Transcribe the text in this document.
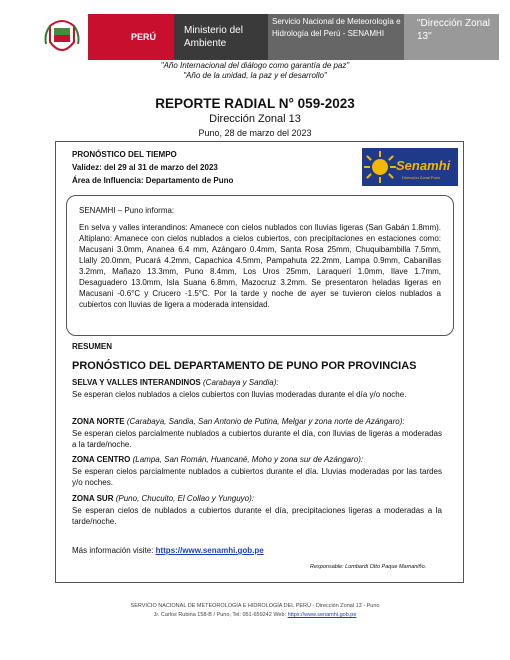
PERÚ
Ministerio del Ambiente
Servicio Nacional de Meteorología e Hidrología del Perú - SENAMHI
"Dirección Zonal 13"
"Año Internacional del diálogo como garantía de paz"
"Año de la unidad, la paz y el desarrollo"
REPORTE RADIAL N° 059-2023
Dirección Zonal 13
Puno, 28 de marzo del 2023
PRONÓSTICO DEL TIEMPO
Validez: del 29 al 31 de marzo del 2023
Área de Influencia: Departamento de Puno
Senamhi
Dirección Zonal Puno
SENAMHI – Puno informa:
En selva y valles interandinos: Amanece con cielos nublados con lluvias ligeras (San Gabán 1.8mm). Altiplano: Amanece con cielos nublados a cielos cubiertos, con precipitaciones en estaciones como: Macusani 3.0mm, Ananea 6.4 mm, Azángaro 0.4mm, Santa Rosa 25mm, Chuquibambilla 7.5mm, Llally 20.0mm, Pucará 4.2mm, Capachica 4.5mm, Pampahuta 22.2mm, Lampa 0.9mm, Cabanillas 3.2mm, Mañazo 13.3mm, Puno 8.4mm, Los Uros 25mm, Laraquerí 1.0mm, Ilave 1.7mm, Desaguadero 13.0mm, Isla Suana 6.8mm, Mazocruz 3.2mm. Se presentaron heladas ligeras en Macusani -0.6°C y Crucero -1.5°C. Por la tarde y noche de ayer se tuvieron cielos nublados a cubiertos con lluvias de ligera a moderada intensidad.
RESUMEN
PRONÓSTICO DEL DEPARTAMENTO DE PUNO POR PROVINCIAS
SELVA Y VALLES INTERANDINOS (Carabaya y Sandia):
Se esperan cielos nublados a cielos cubiertos con lluvias moderadas durante el día y/o noche.
ZONA NORTE (Carabaya, Sandia, San Antonio de Putina, Melgar y zona norte de Azángaro):
Se esperan cielos parcialmente nublados a cubiertos durante el día, con lluvias de ligeras a moderadas a la tarde/noche.
ZONA CENTRO (Lampa, San Román, Huancané, Moho y zona sur de Azángaro):
Se esperan cielos parcialmente nublados a cubiertos durante el día. Lluvias moderadas por las tardes y/o noches.
ZONA SUR (Puno, Chucuito, El Collao y Yunguyo):
Se esperan cielos de nublados a cubiertos durante el día, precipitaciones ligeras a moderadas a la tarde/noche.
Más información visite: https://www.senamhi.gob.pe
Responsable: Lombardi Otto Paque Mamaniño.
SERVICIO NACIONAL DE METEOROLOGÍA E HIDROLOGÍA DEL PERÚ - Dirección Zonal 13 - Puno
Jr. Carlos Rubina 158-B / Puno, Tel: 051-659242 Web: https://www.senamhi.gob.pe
